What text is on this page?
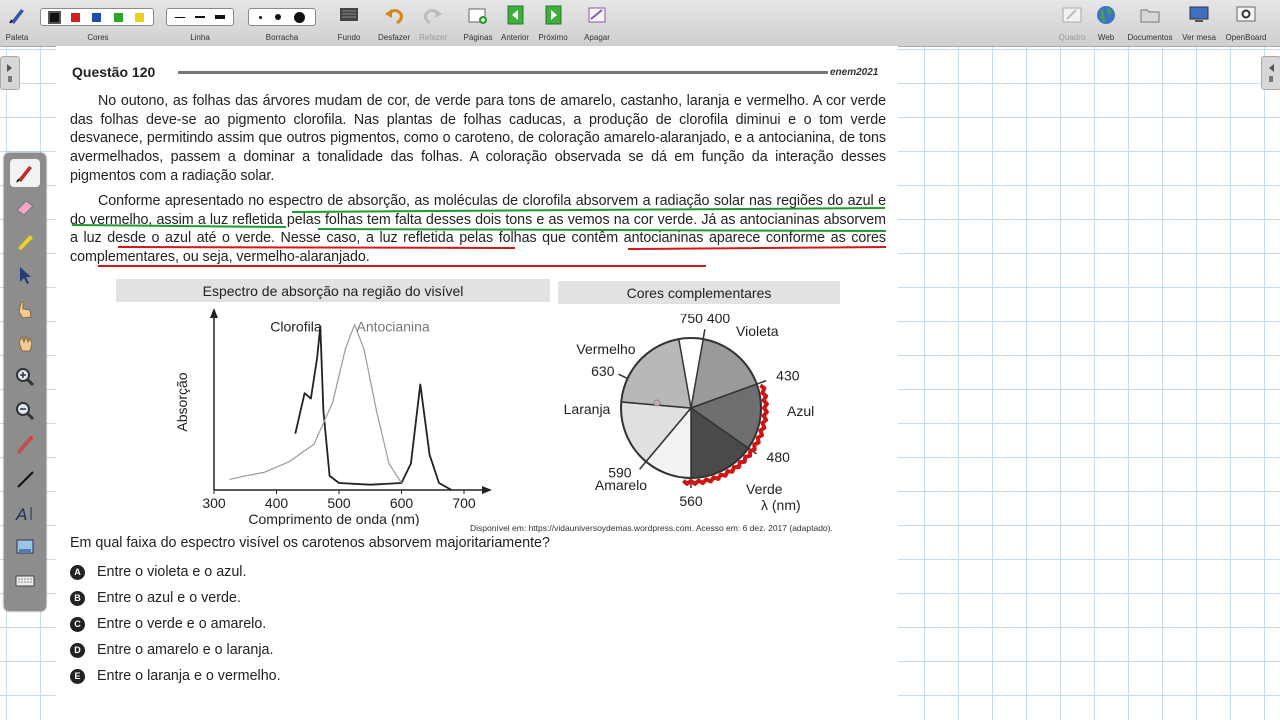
Paleta	Cores	Linha	Borracha	Fundo	Desfazer	Refazer	Páginas	Anterior	Próximo	Apagar	Quadro	Web	Documentos	Ver mesa	OpenBoard
Questão 120	enem2021
No outono, as folhas das árvores mudam de cor, de verde para tons de amarelo, castanho, laranja e vermelho. A cor verde das folhas deve-se ao pigmento clorofila. Nas plantas de folhas caducas, a produção de clorofila diminui e o tom verde desvanece, permitindo assim que outros pigmentos, como o caroteno, de coloração amarelo-alaranjado, e a antocianina, de tons avermelhados, passem a dominar a tonalidade das folhas. A coloração observada se dá em função da interação desses pigmentos com a radiação solar.
Conforme apresentado no espectro de absorção, as moléculas de clorofila absorvem a radiação solar nas regiões do azul e do vermelho, assim a luz refletida pelas folhas tem falta desses dois tons e as vemos na cor verde. Já as antocianinas absorvem a luz desde o azul até o verde. Nesse caso, a luz refletida pelas folhas que contêm antocianinas aparece conforme as cores complementares, ou seja, vermelho-alaranjado.
Espectro de absorção na região do visível	Cores complementares
300	400	500	600	700
Comprimento de onda (nm)
Absorção
Clorofila Antocianina
750 400
430
480
560
590
630
Violeta
Azul
Verde
Amarelo
Laranja
Vermelho
λ (nm)
Disponível em: https://vidauniversoydemas.wordpress.com. Acesso em: 6 dez. 2017 (adaptado).
Em qual faixa do espectro visível os carotenos absorvem majoritariamente?
A Entre o violeta e o azul.
B Entre o azul e o verde.
C Entre o verde e o amarelo.
D Entre o amarelo e o laranja.
E	Entre o laranja e o vermelho.
A
